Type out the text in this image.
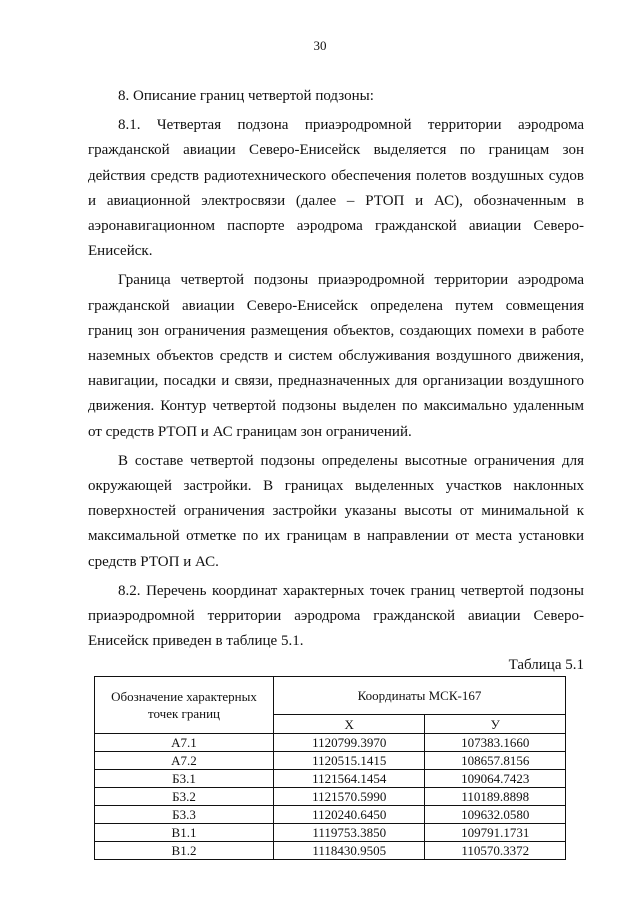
30

8. Описание границ четвертой подзоны:

8.1. Четвертая подзона приаэродромной территории аэродрома гражданской авиации Северо-Енисейск выделяется по границам зон действия средств радиотехнического обеспечения полетов воздушных судов и авиационной электросвязи (далее – РТОП и АС), обозначенным в аэронавигационном паспорте аэродрома гражданской авиации Северо-Енисейск.

Граница четвертой подзоны приаэродромной территории аэродрома гражданской авиации Северо-Енисейск определена путем совмещения границ зон ограничения размещения объектов, создающих помехи в работе наземных объектов средств и систем обслуживания воздушного движения, навигации, посадки и связи, предназначенных для организации воздушного движения. Контур четвертой подзоны выделен по максимально удаленным от средств РТОП и АС границам зон ограничений.

В составе четвертой подзоны определены высотные ограничения для окружающей застройки. В границах выделенных участков наклонных поверхностей ограничения застройки указаны высоты от минимальной к максимальной отметке по их границам в направлении от места установки средств РТОП и АС.

8.2. Перечень координат характерных точек границ четвертой подзоны приаэродромной территории аэродрома гражданской авиации Северо-Енисейск приведен в таблице 5.1.

Таблица 5.1
Обозначение характерных точек границ	Координаты МСК-167	
	Х	У
А7.1	1120799.3970	107383.1660
А7.2	1120515.1415	108657.8156
Б3.1	1121564.1454	109064.7423
Б3.2	1121570.5990	110189.8898
Б3.3	1120240.6450	109632.0580
В1.1	1119753.3850	109791.1731
В1.2	1118430.9505	110570.3372
